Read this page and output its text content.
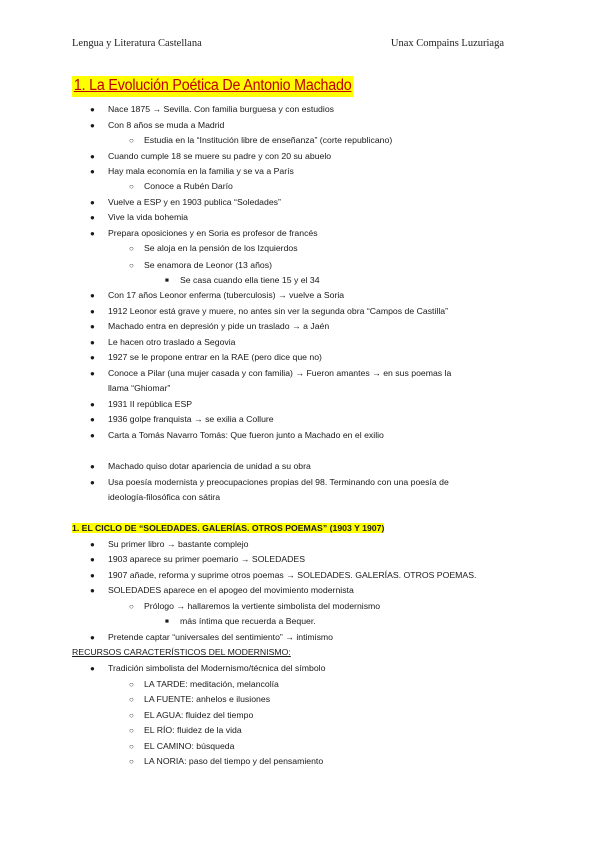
Lengua y Literatura Castellana	Unax Compains Luzuriaga
1. La Evolución Poética De Antonio Machado
● Nace 1875 → Sevilla. Con familia burguesa y con estudios
● Con 8 años se muda a Madrid
○ Estudia en la “Institución libre de enseñanza” (corte republicano)
● Cuando cumple 18 se muere su padre y con 20 su abuelo
● Hay mala economía en la familia y se va a París
○ Conoce a Rubén Darío
● Vuelve a ESP y en 1903 publica “Soledades”
● Vive la vida bohemia
● Prepara oposiciones y en Soria es profesor de francés
○ Se aloja en la pensión de los Izquierdos
○ Se enamora de Leonor (13 años)
■ Se casa cuando ella tiene 15 y el 34
● Con 17 años Leonor enferma (tuberculosis) → vuelve a Soria
● 1912 Leonor está grave y muere, no antes sin ver la segunda obra “Campos de Castilla”
● Machado entra en depresión y pide un traslado → a Jaén
● Le hacen otro traslado a Segovia
● 1927 se le propone entrar en la RAE (pero dice que no)
● Conoce a Pilar (una mujer casada y con familia) → Fueron amantes → en sus poemas la
llama “Ghiomar”
● 1931 II república ESP
● 1936 golpe franquista → se exilia a Collure
● Carta a Tomás Navarro Tomás: Que fueron junto a Machado en el exilio
● Machado quiso dotar apariencia de unidad a su obra
● Usa poesía modernista y preocupaciones propias del 98. Terminando con una poesía de
ideología-filosófica con sátira
1. EL CICLO DE “SOLEDADES. GALERÍAS. OTROS POEMAS” (1903 Y 1907)
● Su primer libro → bastante complejo
● 1903 aparece su primer poemario → SOLEDADES
● 1907 añade, reforma y suprime otros poemas → SOLEDADES. GALERÍAS. OTROS POEMAS.
● SOLEDADES aparece en el apogeo del movimiento modernista
○ Prólogo → hallaremos la vertiente simbolista del modernismo
■ más íntima que recuerda a Bequer.
● Pretende captar “universales del sentimiento” → intimismo
RECURSOS CARACTERÍSTICOS DEL MODERNISMO:
● Tradición simbolista del Modernismo/técnica del símbolo
○ LA TARDE: meditación, melancolía
○ LA FUENTE: anhelos e ilusiones
○ EL AGUA: fluidez del tiempo
○ EL RÍO: fluidez de la vida
○ EL CAMINO: búsqueda
○ LA NORIA: paso del tiempo y del pensamiento
